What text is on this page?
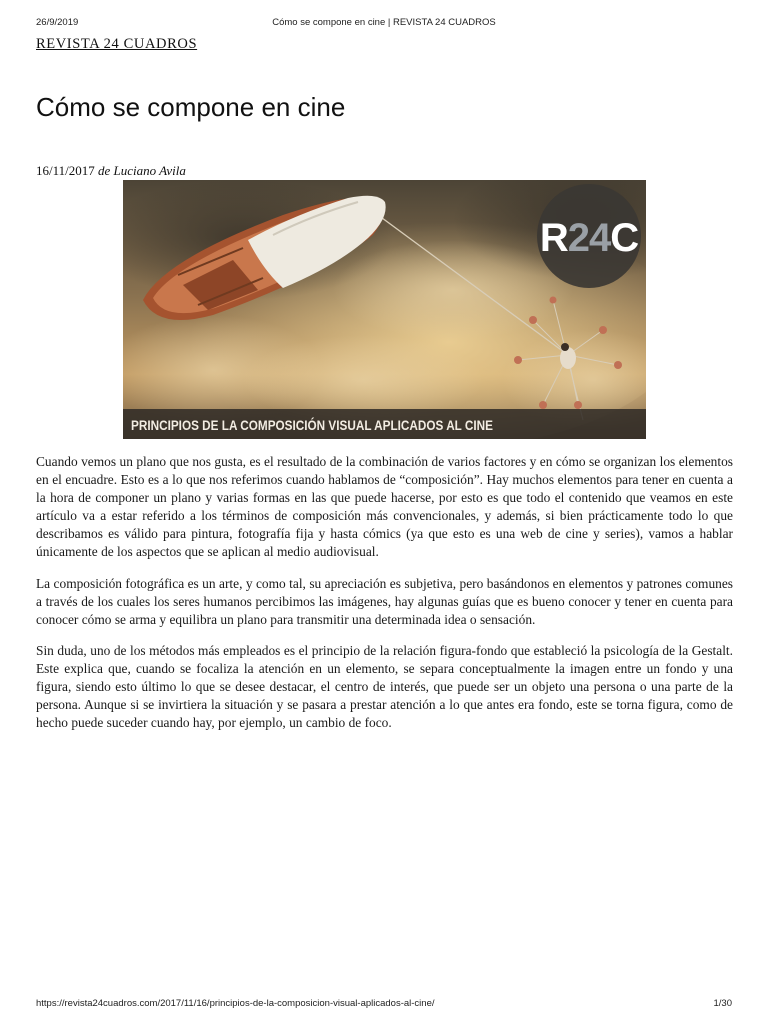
26/9/2019	Cómo se compone en cine | REVISTA 24 CUADROS
REVISTA 24 CUADROS
Cómo se compone en cine
16/11/2017 de Luciano Avila
R24C
PRINCIPIOS DE LA COMPOSICIÓN VISUAL APLICADOS AL CINE

Cuando vemos un plano que nos gusta, es el resultado de la combinación de varios factores y en cómo se organizan los elementos en el encuadre. Esto es a lo que nos referimos cuando hablamos de “composición”. Hay muchos elementos para tener en cuenta a la hora de componer un plano y varias formas en las que puede hacerse, por esto es que todo el contenido que veamos en este artículo va a estar referido a los términos de composición más convencionales, y además, si bien prácticamente todo lo que describamos es válido para pintura, fotografía fija y hasta cómics (ya que esto es una web de cine y series), vamos a hablar únicamente de los aspectos que se aplican al medio audiovisual.

La composición fotográfica es un arte, y como tal, su apreciación es subjetiva, pero basándonos en elementos y patrones comunes a través de los cuales los seres humanos percibimos las imágenes, hay algunas guías que es bueno conocer y tener en cuenta para conocer cómo se arma y equilibra un plano para transmitir una determinada idea o sensación.

Sin duda, uno de los métodos más empleados es el principio de la relación figura-fondo que estableció la psicología de la Gestalt. Este explica que, cuando se focaliza la atención en un elemento, se separa conceptualmente la imagen entre un fondo y una figura, siendo esto último lo que se desee destacar, el centro de interés, que puede ser un objeto una persona o una parte de la persona. Aunque si se invirtiera la situación y se pasara a prestar atención a lo que antes era fondo, este se torna figura, como de hecho puede suceder cuando hay, por ejemplo, un cambio de foco.

https://revista24cuadros.com/2017/11/16/principios-de-la-composicion-visual-aplicados-al-cine/	1/30
